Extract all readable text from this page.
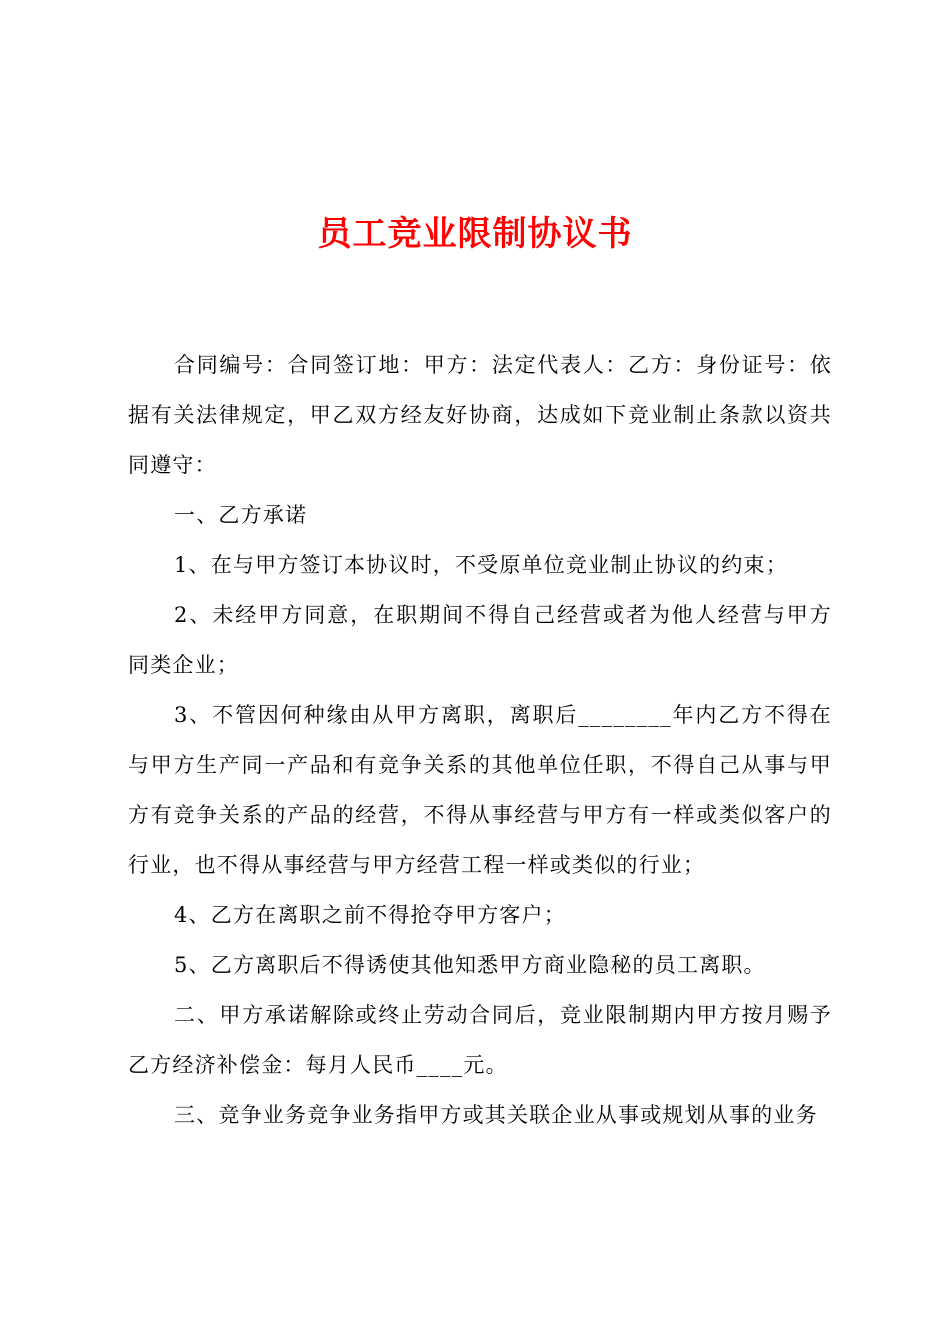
员工竞业限制协议书

合同编号：合同签订地：甲方：法定代表人：乙方：身份证号：依据有关法律规定，甲乙双方经友好协商，达成如下竞业制止条款以资共同遵守：

一、乙方承诺

1、在与甲方签订本协议时，不受原单位竞业制止协议的约束；

2、未经甲方同意，在职期间不得自己经营或者为他人经营与甲方同类企业；

3、不管因何种缘由从甲方离职，离职后________年内乙方不得在与甲方生产同一产品和有竞争关系的其他单位任职，不得自己从事与甲方有竞争关系的产品的经营，不得从事经营与甲方有一样或类似客户的行业，也不得从事经营与甲方经营工程一样或类似的行业；

4、乙方在离职之前不得抢夺甲方客户；

5、乙方离职后不得诱使其他知悉甲方商业隐秘的员工离职。

二、甲方承诺解除或终止劳动合同后，竞业限制期内甲方按月赐予乙方经济补偿金：每月人民币____元。

三、竞争业务竞争业务指甲方或其关联企业从事或规划从事的业务
